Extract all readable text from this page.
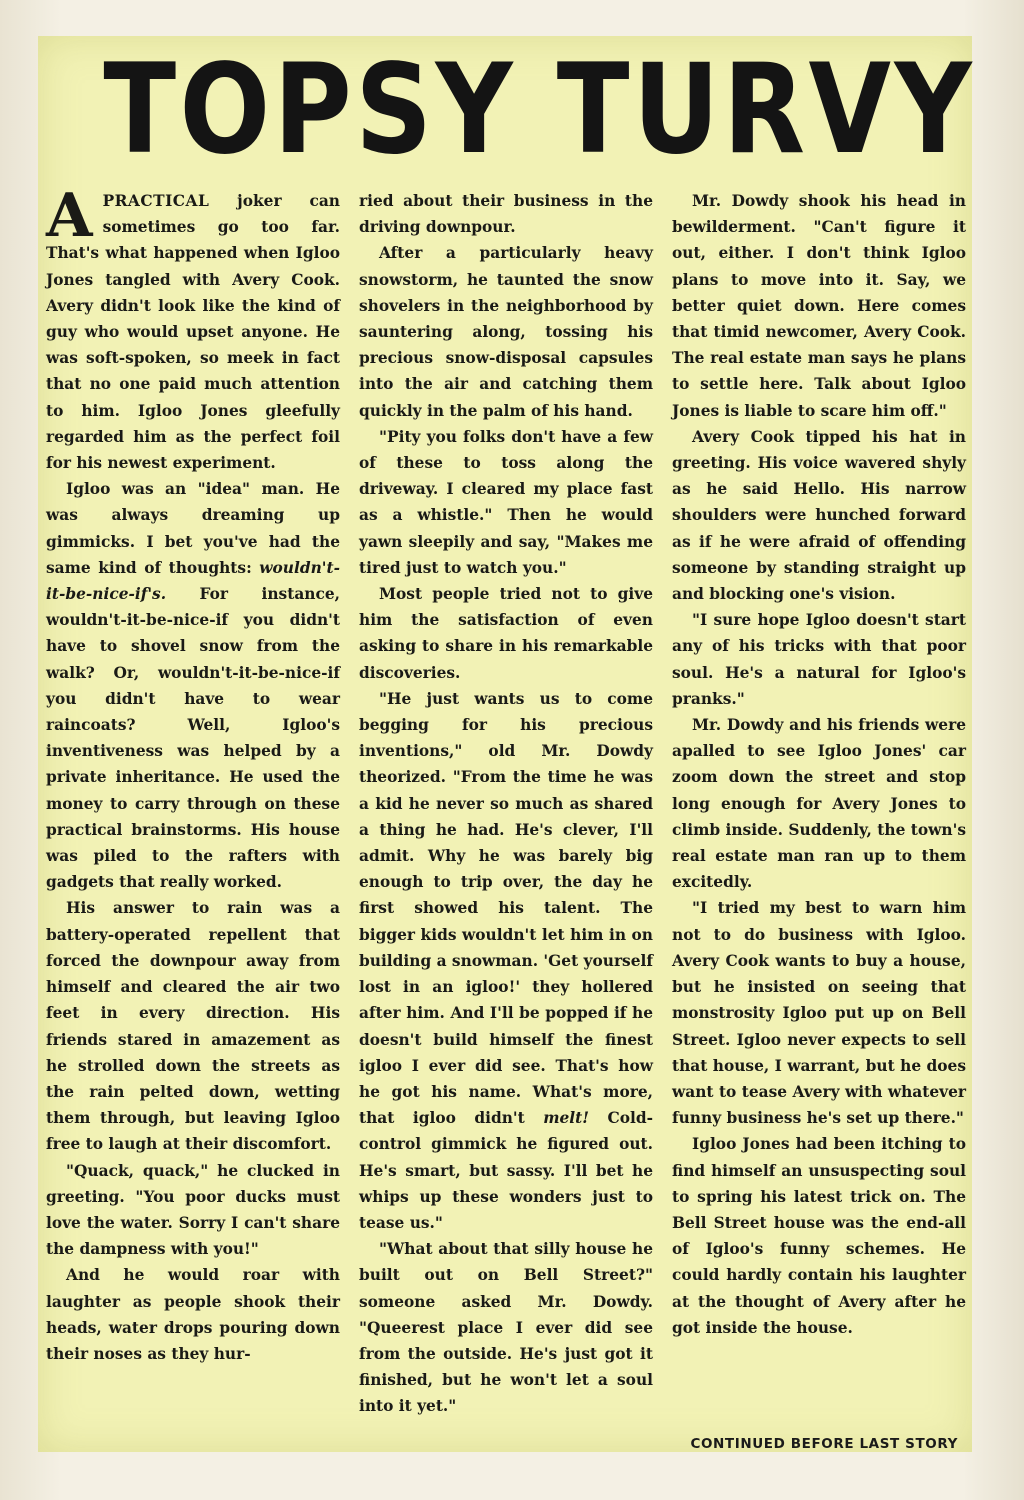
TOPSY TURVY

APRACTICAL joker can sometimes go too far. That's what happened when Igloo Jones tangled with Avery Cook. Avery didn't look like the kind of guy who would upset anyone. He was soft-spoken, so meek in fact that no one paid much attention to him. Igloo Jones gleefully regarded him as the perfect foil for his newest experiment.

Igloo was an "idea" man. He was always dreaming up gimmicks. I bet you've had the same kind of thoughts: wouldn't-it-be-nice-if's. For instance, wouldn't-it-be-nice-if you didn't have to shovel snow from the walk? Or, wouldn't-it-be-nice-if you didn't have to wear raincoats? Well, Igloo's inventiveness was helped by a private inheritance. He used the money to carry through on these practical brainstorms. His house was piled to the rafters with gadgets that really worked.

His answer to rain was a battery-operated repellent that forced the downpour away from himself and cleared the air two feet in every direction. His friends stared in amazement as he strolled down the streets as the rain pelted down, wetting them through, but leaving Igloo free to laugh at their discomfort.

"Quack, quack," he clucked in greeting. "You poor ducks must love the water. Sorry I can't share the dampness with you!"

And he would roar with laughter as people shook their heads, water drops pouring down their noses as they hur-

ried about their business in the driving downpour.

After a particularly heavy snowstorm, he taunted the snow shovelers in the neighborhood by sauntering along, tossing his precious snow-disposal capsules into the air and catching them quickly in the palm of his hand.

"Pity you folks don't have a few of these to toss along the driveway. I cleared my place fast as a whistle." Then he would yawn sleepily and say, "Makes me tired just to watch you."

Most people tried not to give him the satisfaction of even asking to share in his remarkable discoveries.

"He just wants us to come begging for his precious inventions," old Mr. Dowdy theorized. "From the time he was a kid he never so much as shared a thing he had. He's clever, I'll admit. Why he was barely big enough to trip over, the day he first showed his talent. The bigger kids wouldn't let him in on building a snowman. 'Get yourself lost in an igloo!' they hollered after him. And I'll be popped if he doesn't build himself the finest igloo I ever did see. That's how he got his name. What's more, that igloo didn't melt! Cold-control gimmick he figured out. He's smart, but sassy. I'll bet he whips up these wonders just to tease us."

"What about that silly house he built out on Bell Street?" someone asked Mr. Dowdy. "Queerest place I ever did see from the outside. He's just got it finished, but he won't let a soul into it yet."

Mr. Dowdy shook his head in bewilderment. "Can't figure it out, either. I don't think Igloo plans to move into it. Say, we better quiet down. Here comes that timid newcomer, Avery Cook. The real estate man says he plans to settle here. Talk about Igloo Jones is liable to scare him off."

Avery Cook tipped his hat in greeting. His voice wavered shyly as he said Hello. His narrow shoulders were hunched forward as if he were afraid of offending someone by standing straight up and blocking one's vision.

"I sure hope Igloo doesn't start any of his tricks with that poor soul. He's a natural for Igloo's pranks."

Mr. Dowdy and his friends were apalled to see Igloo Jones' car zoom down the street and stop long enough for Avery Jones to climb inside. Suddenly, the town's real estate man ran up to them excitedly.

"I tried my best to warn him not to do business with Igloo. Avery Cook wants to buy a house, but he insisted on seeing that monstrosity Igloo put up on Bell Street. Igloo never expects to sell that house, I warrant, but he does want to tease Avery with whatever funny business he's set up there."

Igloo Jones had been itching to find himself an unsuspecting soul to spring his latest trick on. The Bell Street house was the end-all of Igloo's funny schemes. He could hardly contain his laughter at the thought of Avery after he got inside the house.

CONTINUED BEFORE LAST STORY
